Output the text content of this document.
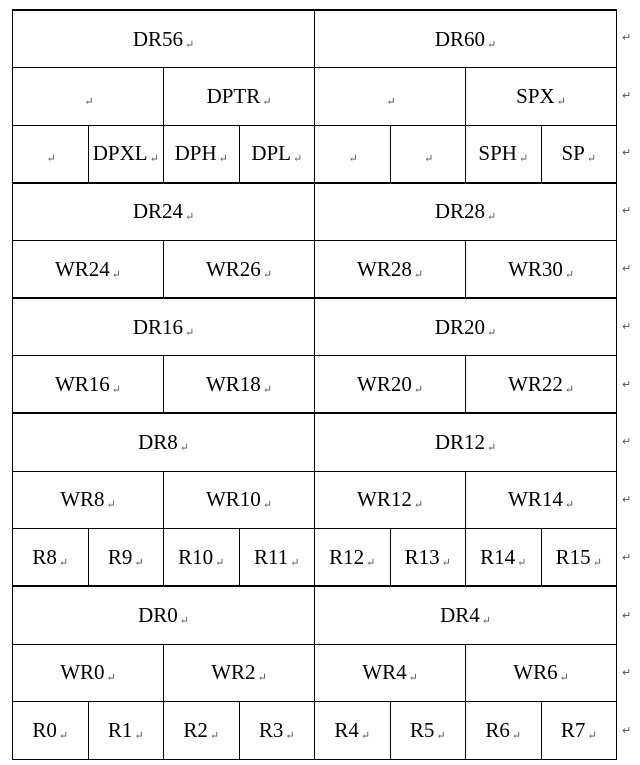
DR56 ↵				DR60 ↵			
↵		DPTR ↵		↵		SPX ↵	
↵	DPXL ↵	DPH ↵	DPL ↵	↵	↵	SPH ↵	SP ↵
DR24 ↵				DR28 ↵			
WR24 ↵		WR26 ↵		WR28 ↵		WR30 ↵	
DR16 ↵				DR20 ↵			
WR16 ↵		WR18 ↵		WR20 ↵		WR22 ↵	
DR8 ↵				DR12 ↵			
WR8 ↵		WR10 ↵		WR12 ↵		WR14 ↵	
R8 ↵	R9 ↵	R10 ↵	R11 ↵	R12 ↵	R13 ↵	R14 ↵	R15 ↵
DR0 ↵				DR4 ↵			
WR0 ↵		WR2 ↵		WR4 ↵		WR6 ↵	
R0 ↵	R1 ↵	R2 ↵	R3 ↵	R4 ↵	R5 ↵	R6 ↵	R7 ↵
↵
↵
↵
↵
↵
↵
↵
↵
↵
↵
↵
↵
↵
